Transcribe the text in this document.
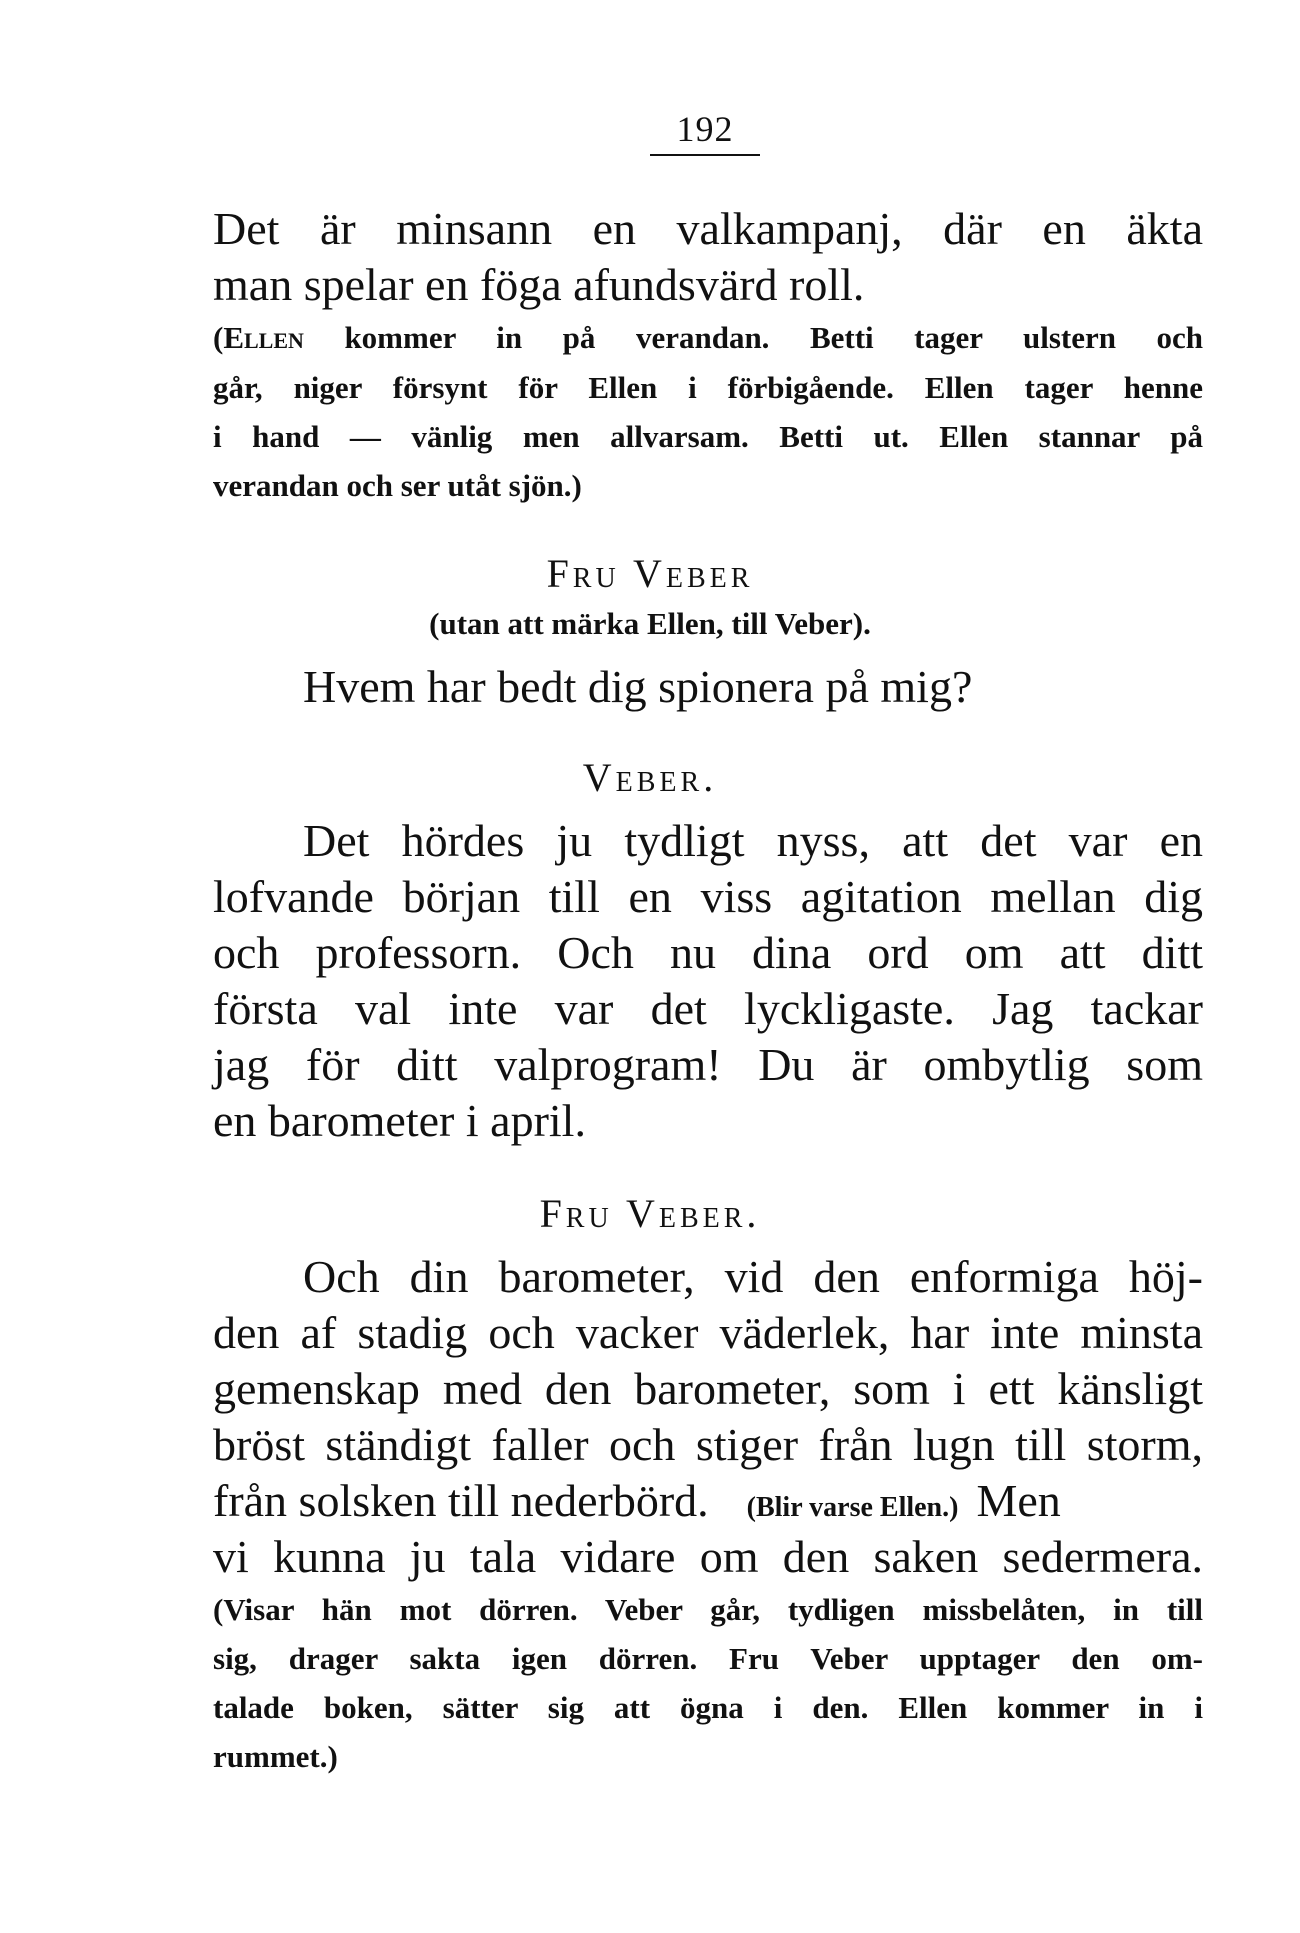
192
Det är minsann en valkampanj, där en äkta
man spelar en föga afundsvärd roll.
(Ellen kommer in på verandan. Betti tager ulstern och
går, niger försynt för Ellen i förbigående. Ellen tager henne
i hand — vänlig men allvarsam. Betti ut. Ellen stannar på
verandan och ser utåt sjön.)
Fru Veber
(utan att märka Ellen, till Veber).
Hvem har bedt dig spionera på mig?
Veber.
Det hördes ju tydligt nyss, att det var en
lofvande början till en viss agitation mellan dig
och professorn. Och nu dina ord om att ditt
första val inte var det lyckligaste. Jag tackar
jag för ditt valprogram! Du är ombytlig som
en barometer i april.
Fru Veber.
Och din barometer, vid den enformiga höj-
den af stadig och vacker väderlek, har inte minsta
gemenskap med den barometer, som i ett känsligt
bröst ständigt faller och stiger från lugn till storm,
från solsken till nederbörd. (Blir varse Ellen.) Men
vi kunna ju tala vidare om den saken sedermera.
(Visar hän mot dörren. Veber går, tydligen missbelåten, in till
sig, drager sakta igen dörren. Fru Veber upptager den om-
talade boken, sätter sig att ögna i den. Ellen kommer in i
rummet.)
